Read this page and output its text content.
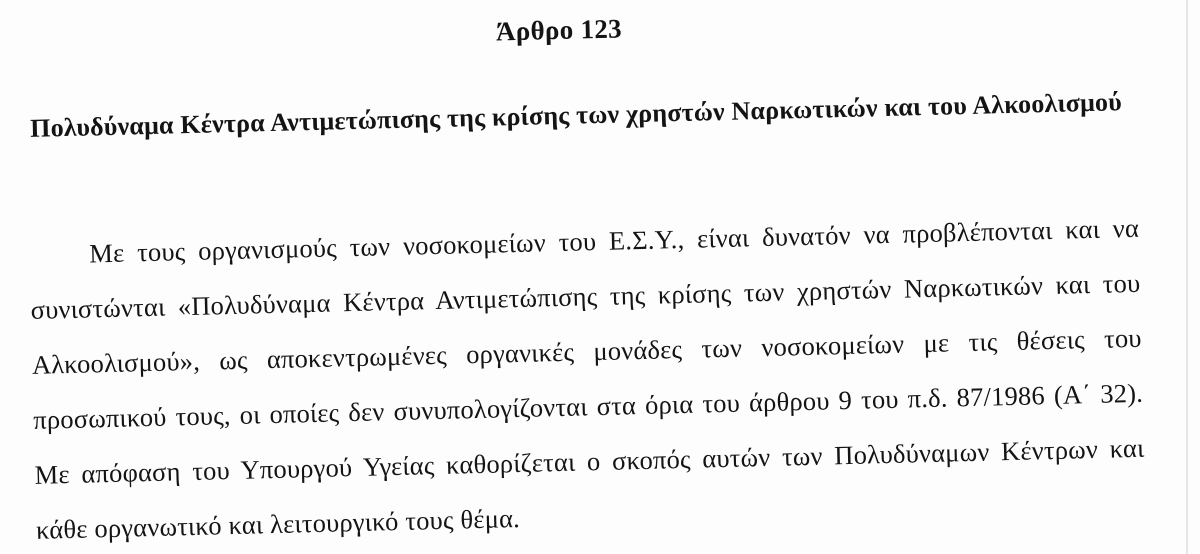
Άρθρο 123
Πολυδύναμα Κέντρα Αντιμετώπισης της κρίσης των χρηστών Ναρκωτικών και του Αλκοολισμού

Με τους οργανισμούς των νοσοκομείων του Ε.Σ.Υ., είναι δυνατόν να προβλέπονται και να συνιστώνται «Πολυδύναμα Κέντρα Αντιμετώπισης της κρίσης των χρηστών Ναρκωτικών και του Αλκοολισμού», ως αποκεντρωμένες οργανικές μονάδες των νοσοκομείων με τις θέσεις του προσωπικού τους, οι οποίες δεν συνυπολογίζονται στα όρια του άρθρου 9 του π.δ. 87/1986 (Α΄ 32). Με απόφαση του Υπουργού Υγείας καθορίζεται ο σκοπός αυτών των Πολυδύναμων Κέντρων και κάθε οργανωτικό και λειτουργικό τους θέμα.
